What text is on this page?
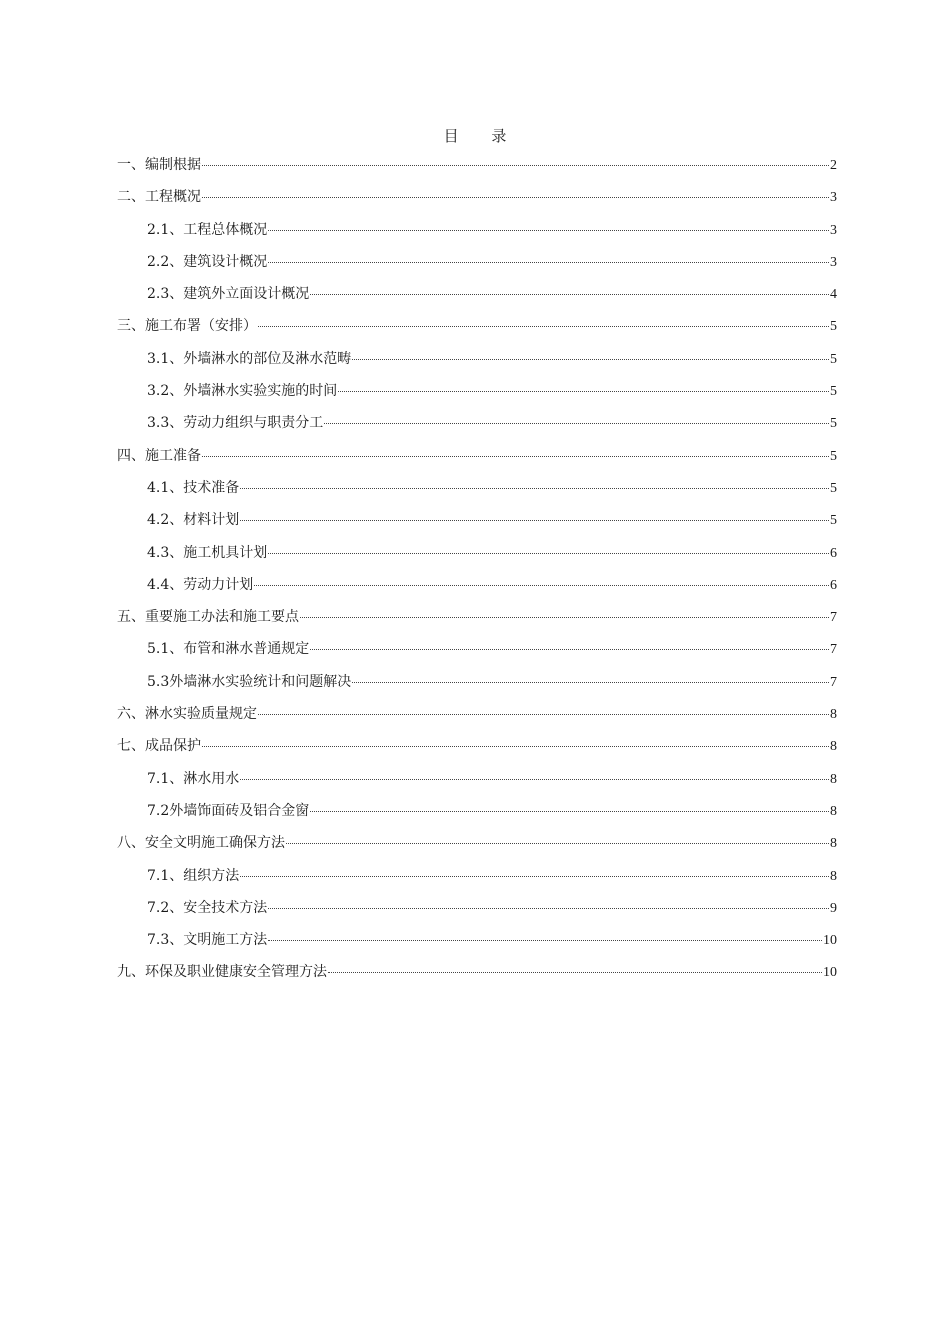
目 录
一、编制根据	2
二、工程概况	3
2.1、工程总体概况	3
2.2、建筑设计概况	3
2.3、建筑外立面设计概况	4
三、施工布署（安排）	5
3.1、外墙淋水的部位及淋水范畴	5
3.2、外墙淋水实验实施的时间	5
3.3、劳动力组织与职责分工	5
四、施工准备	5
4.1、技术准备	5
4.2、材料计划	5
4.3、施工机具计划	6
4.4、劳动力计划	6
五、重要施工办法和施工要点	7
5.1、布管和淋水普通规定	7
5.3外墙淋水实验统计和问题解决	7
六、淋水实验质量规定	8
七、成品保护	8
7.1、淋水用水	8
7.2外墙饰面砖及铝合金窗	8
八、安全文明施工确保方法	8
7.1、组织方法	8
7.2、安全技术方法	9
7.3、文明施工方法	10
九、环保及职业健康安全管理方法	10
